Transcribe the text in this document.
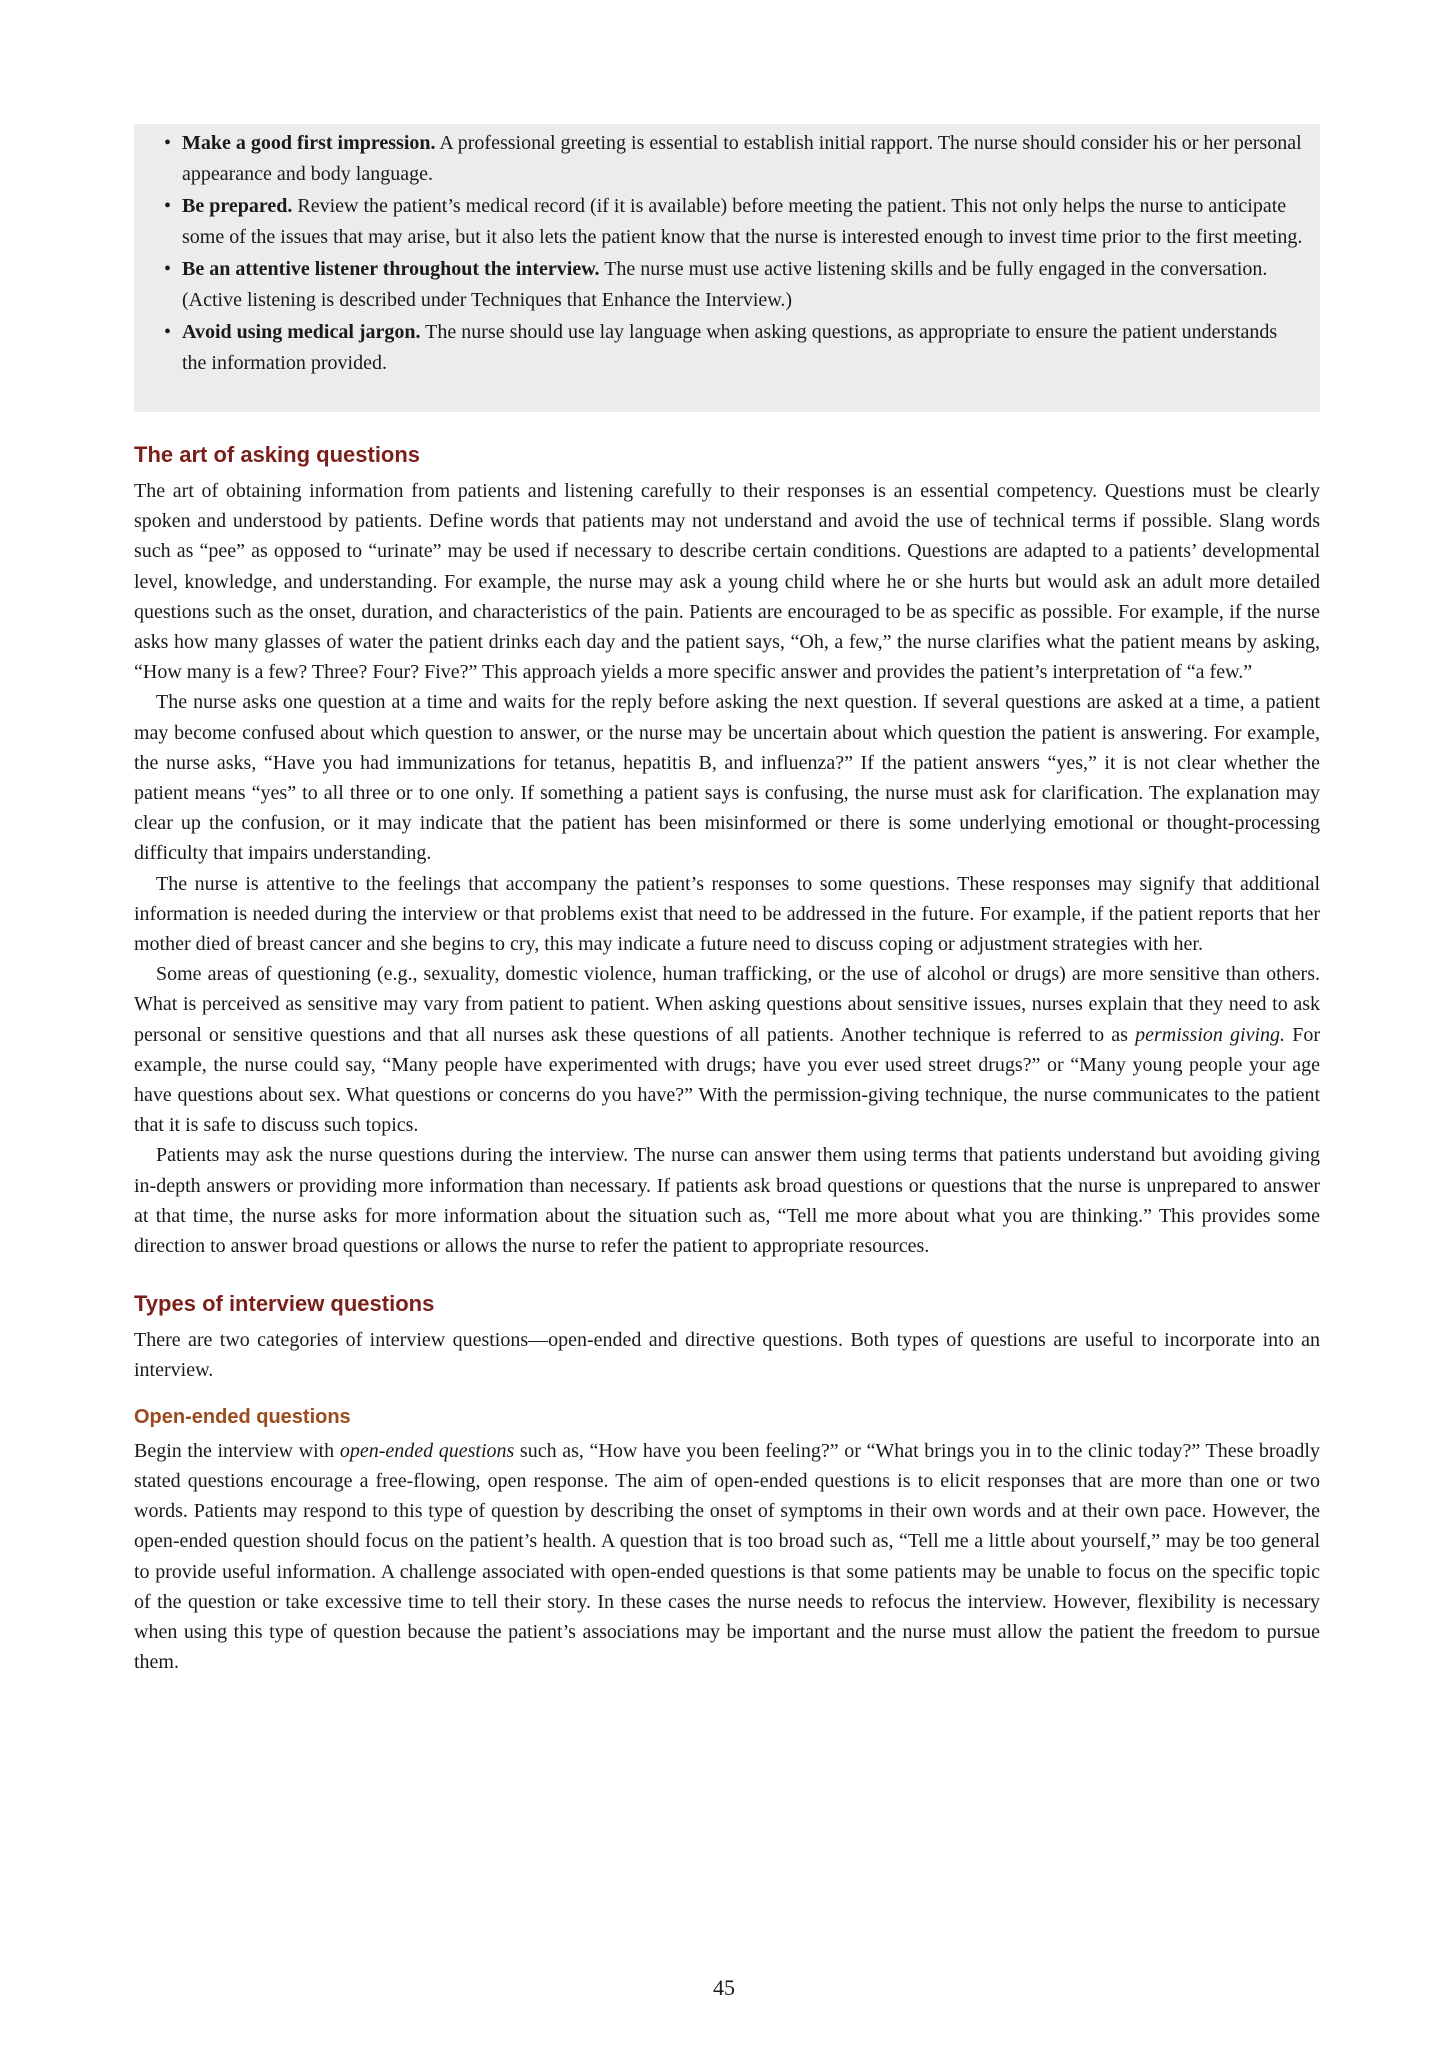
• Make a good first impression. A professional greeting is essential to establish initial rapport. The nurse should consider his or her personal appearance and body language.
• Be prepared. Review the patient’s medical record (if it is available) before meeting the patient. This not only helps the nurse to anticipate some of the issues that may arise, but it also lets the patient know that the nurse is interested enough to invest time prior to the first meeting.
• Be an attentive listener throughout the interview. The nurse must use active listening skills and be fully engaged in the conversation. (Active listening is described under Techniques that Enhance the Interview.)
• Avoid using medical jargon. The nurse should use lay language when asking questions, as appropriate to ensure the patient understands the information provided.
The art of asking questions

The art of obtaining information from patients and listening carefully to their responses is an essential competency. Questions must be clearly spoken and understood by patients. Define words that patients may not understand and avoid the use of technical terms if possible. Slang words such as “pee” as opposed to “urinate” may be used if necessary to describe certain conditions. Questions are adapted to a patients’ developmental level, knowledge, and understanding. For example, the nurse may ask a young child where he or she hurts but would ask an adult more detailed questions such as the onset, duration, and characteristics of the pain. Patients are encouraged to be as specific as possible. For example, if the nurse asks how many glasses of water the patient drinks each day and the patient says, “Oh, a few,” the nurse clarifies what the patient means by asking, “How many is a few? Three? Four? Five?” This approach yields a more specific answer and provides the patient’s interpretation of “a few.”

The nurse asks one question at a time and waits for the reply before asking the next question. If several questions are asked at a time, a patient may become confused about which question to answer, or the nurse may be uncertain about which question the patient is answering. For example, the nurse asks, “Have you had immunizations for tetanus, hepatitis B, and influenza?” If the patient answers “yes,” it is not clear whether the patient means “yes” to all three or to one only. If something a patient says is confusing, the nurse must ask for clarification. The explanation may clear up the confusion, or it may indicate that the patient has been misinformed or there is some underlying emotional or thought-processing difficulty that impairs understanding.

The nurse is attentive to the feelings that accompany the patient’s responses to some questions. These responses may signify that additional information is needed during the interview or that problems exist that need to be addressed in the future. For example, if the patient reports that her mother died of breast cancer and she begins to cry, this may indicate a future need to discuss coping or adjustment strategies with her.

Some areas of questioning (e.g., sexuality, domestic violence, human trafficking, or the use of alcohol or drugs) are more sensitive than others. What is perceived as sensitive may vary from patient to patient. When asking questions about sensitive issues, nurses explain that they need to ask personal or sensitive questions and that all nurses ask these questions of all patients. Another technique is referred to as permission giving. For example, the nurse could say, “Many people have experimented with drugs; have you ever used street drugs?” or “Many young people your age have questions about sex. What questions or concerns do you have?” With the permission-giving technique, the nurse communicates to the patient that it is safe to discuss such topics.

Patients may ask the nurse questions during the interview. The nurse can answer them using terms that patients understand but avoiding giving in-depth answers or providing more information than necessary. If patients ask broad questions or questions that the nurse is unprepared to answer at that time, the nurse asks for more information about the situation such as, “Tell me more about what you are thinking.” This provides some direction to answer broad questions or allows the nurse to refer the patient to appropriate resources.

Types of interview questions

There are two categories of interview questions—open-ended and directive questions. Both types of questions are useful to incorporate into an interview.

Open-ended questions

Begin the interview with open-ended questions such as, “How have you been feeling?” or “What brings you in to the clinic today?” These broadly stated questions encourage a free-flowing, open response. The aim of open-ended questions is to elicit responses that are more than one or two words. Patients may respond to this type of question by describing the onset of symptoms in their own words and at their own pace. However, the open-ended question should focus on the patient’s health. A question that is too broad such as, “Tell me a little about yourself,” may be too general to provide useful information. A challenge associated with open-ended questions is that some patients may be unable to focus on the specific topic of the question or take excessive time to tell their story. In these cases the nurse needs to refocus the interview. However, flexibility is necessary when using this type of question because the patient’s associations may be important and the nurse must allow the patient the freedom to pursue them.

45
